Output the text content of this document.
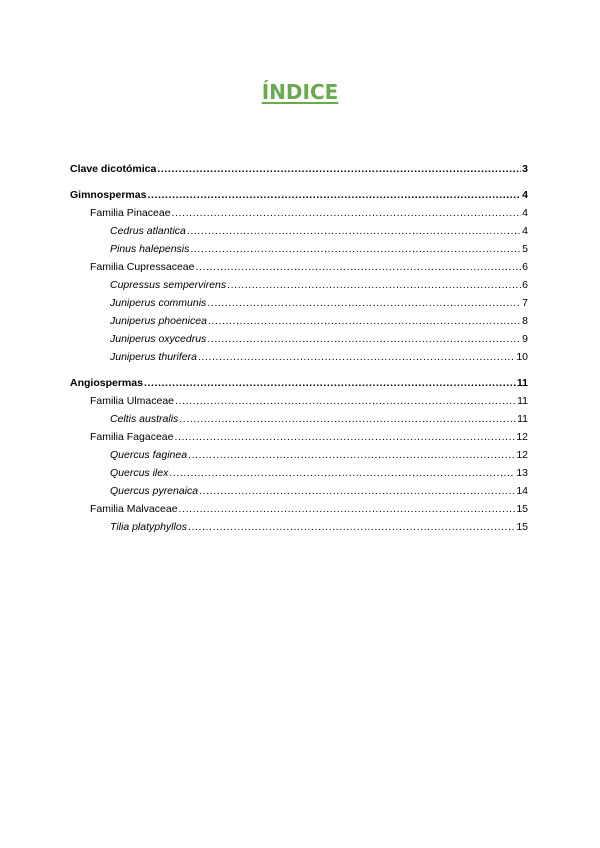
ÍNDICE
Clave dicotómica .....	3
Gimnospermas .....	4
Familia Pinaceae .....	4
Cedrus atlantica .....	4
Pinus halepensis .....	5
Familia Cupressaceae .....	6
Cupressus sempervirens .....	6
Juniperus communis .....	7
Juniperus phoenicea .....	8
Juniperus oxycedrus .....	9
Juniperus thurifera .....	10
Angiospermas .....	11
Familia Ulmaceae .....	11
Celtis australis .....	11
Familia Fagaceae .....	12
Quercus faginea .....	12
Quercus ilex .....	13
Quercus pyrenaica .....	14
Familia Malvaceae .....	15
Tilia platyphyllos .....	15
